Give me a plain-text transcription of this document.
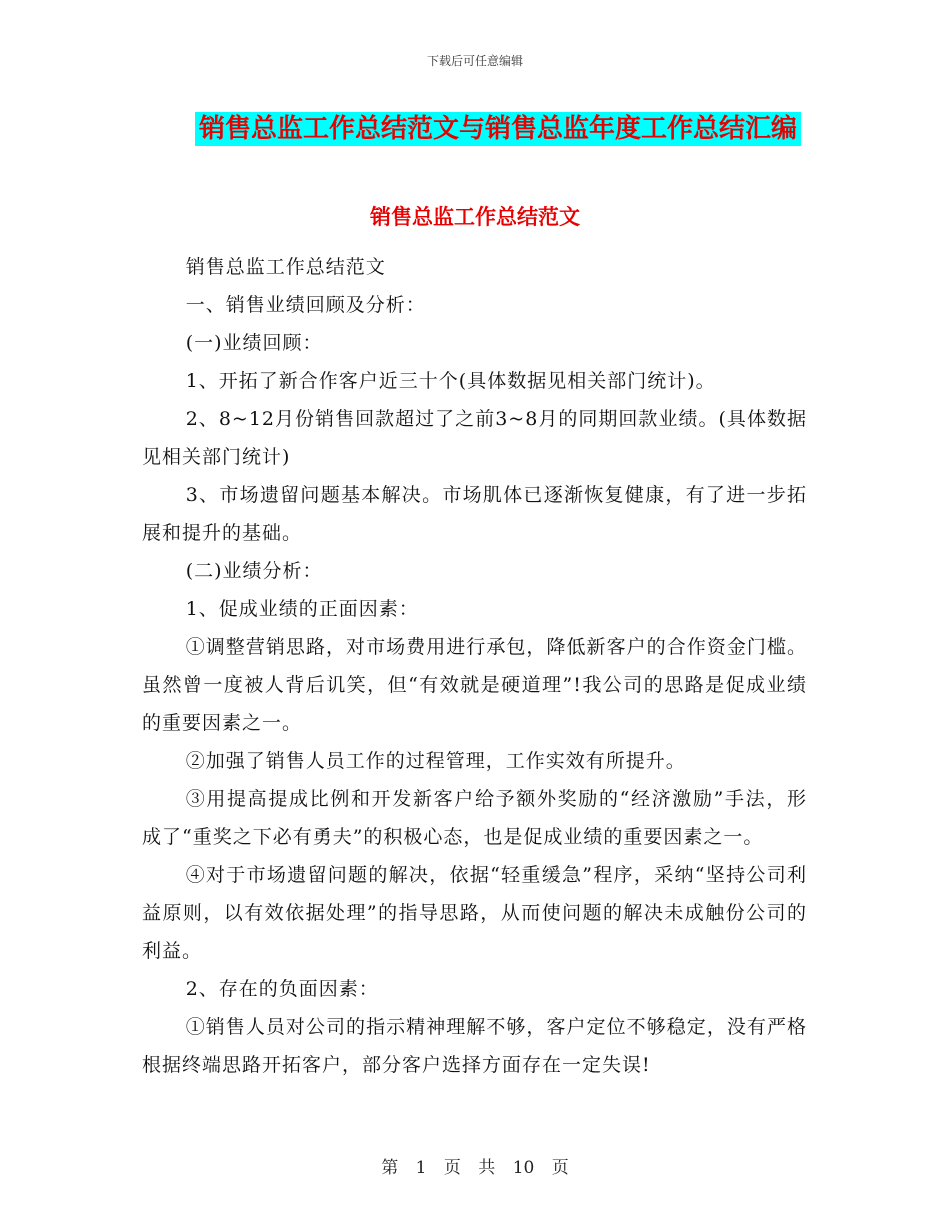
下载后可任意编辑
销售总监工作总结范文与销售总监年度工作总结汇编
销售总监工作总结范文

销售总监工作总结范文

一、销售业绩回顾及分析：

(一)业绩回顾：

1、开拓了新合作客户近三十个(具体数据见相关部门统计)。

2、8~12月份销售回款超过了之前3~8月的同期回款业绩。(具体数据见相关部门统计)

3、市场遗留问题基本解决。市场肌体已逐渐恢复健康，有了进一步拓展和提升的基础。

(二)业绩分析：

1、促成业绩的正面因素：

①调整营销思路，对市场费用进行承包，降低新客户的合作资金门槛。虽然曾一度被人背后讥笑，但“有效就是硬道理”!我公司的思路是促成业绩的重要因素之一。

②加强了销售人员工作的过程管理，工作实效有所提升。

③用提高提成比例和开发新客户给予额外奖励的“经济激励”手法，形成了“重奖之下必有勇夫”的积极心态，也是促成业绩的重要因素之一。

④对于市场遗留问题的解决，依据“轻重缓急”程序，采纳“坚持公司利益原则，以有效依据处理”的指导思路，从而使问题的解决未成触份公司的利益。

2、存在的负面因素：

①销售人员对公司的指示精神理解不够，客户定位不够稳定，没有严格根据终端思路开拓客户，部分客户选择方面存在一定失误!

第 1 页 共 10 页
